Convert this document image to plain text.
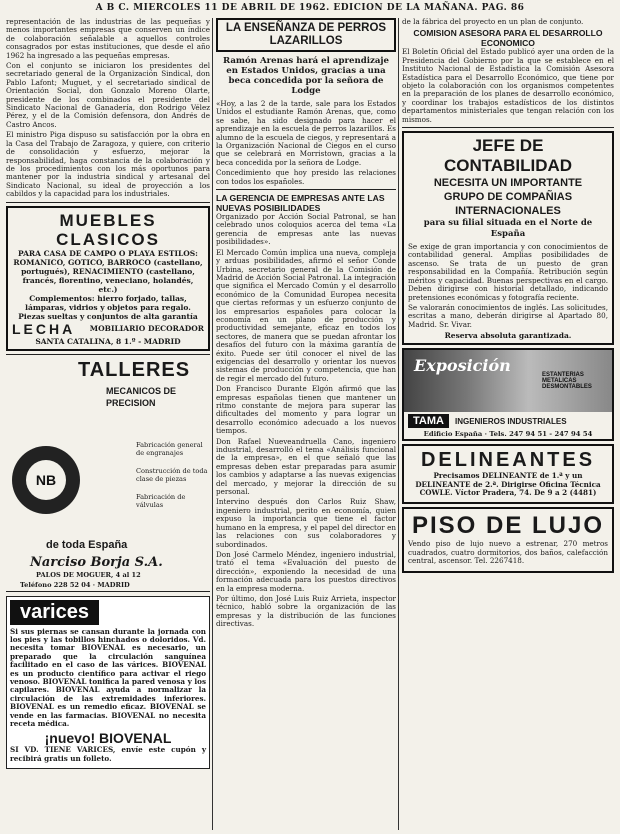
A B C. MIERCOLES 11 DE ABRIL DE 1962. EDICION DE LA MAÑANA. PAG. 86

representación de las industrias de las pequeñas y menos importantes empresas que conserven un índice de colaboración señalable a aquellos controles consagrados por estas instituciones, que desde el año 1962 ha ingresado a las pequeñas empresas.

Con el conjunto se iniciaron los presidentes del secretariado general de la Organización Sindical, don Pablo Lafont; Muguet, y el secretariado sindical de Orientación Social, don Gonzalo Moreno Olarte, presidente de los combinados el presidente del Sindicato Nacional de Ganadería, don Rodrigo Vélez Pérez, y el de la Comisión defensora, don Andrés de Castro Ancos.

El ministro Piga dispuso su satisfacción por la obra en la Casa del Trabajo de Zaragoza, y quiere, con criterio de consolidación y esfuerzo, mejorar la responsabilidad, haga constancia de la colaboración y de los procedimientos con los más oportunos para mantener por la industria sindical y artesanal del Sindicato Nacional, su ideal de proyección a los cabildos y la capacidad para los industriales.

MUEBLES CLASICOS
PARA CASA DE CAMPO O PLAYA ESTILOS: ROMANICO, GOTICO, BARROCO (castellano, portugués), RENACIMIENTO (castellano, francés, florentino, veneciano, holandés, etc.)
Complementos: hierro forjado, tallas, lámparas, vidrios y objetos para regalo.
Piezas sueltas y conjuntos de alta garantía
LECHA MOBILIARIO DECORADOR
SANTA CATALINA, 8 1.º - MADRID
NB
TALLERES
MECANICOS DE PRECISION
Fabricación general de engranajes
Construcción de toda clase de piezas
Fabricación de válvulas
de toda España
Narciso Borja S.A.
PALOS DE MOGUER, 4 al 12
Teléfono 228 52 04 · MADRID
varices

Si sus piernas se cansan durante la jornada con los pies y las tobillos hinchados o doloridos. Vd. necesita tomar BIOVENAL es necesario, un preparado que la circulación sanguínea facilitado en el caso de las várices. BIOVENAL es un producto científico para activar el riego venoso. BIOVENAL tonifica la pared venosa y los capilares. BIOVENAL ayuda a normalizar la circulación de las extremidades inferiores. BIOVENAL es un remedio eficaz. BIOVENAL se vende en las farmacias. BIOVENAL no necesita receta médica.

¡nuevo! BIOVENAL

SI VD. TIENE VARICES, envíe este cupón y recibirá gratis un folleto.

LA ENSEÑANZA DE PERROS LAZARILLOS
Ramón Arenas hará el aprendizaje en Estados Unidos, gracias a una beca concedida por la señora de Lodge

«Hoy, a las 2 de la tarde, sale para los Estados Unidos el estudiante Ramón Arenas, que, como se sabe, ha sido designado para hacer el aprendizaje en la escuela de perros lazarillos. Es alumno de la escuela de ciegos, y representará a la Organización Nacional de Ciegos en el curso que se celebrará en Morristown, gracias a la beca concedida por la señora de Lodge.

Concedimiento que hoy presido las relaciones con todos los españoles.

LA GERENCIA DE EMPRESAS ANTE LAS NUEVAS POSIBILIDADES

Organizado por Acción Social Patronal, se han celebrado unos coloquios acerca del tema «La gerencia de empresas ante las nuevas posibilidades».

El Mercado Común implica una nueva, compleja y arduas posibilidades, afirmó el señor Conde Urbina, secretario general de la Comisión de Madrid de Acción Social Patronal. La integración que significa el Mercado Común y el desarrollo económico de la Comunidad Europea necesita que ciertas reformas y un esfuerzo conjunto de los empresarios españoles para colocar la economía en un plano de producción y productividad semejante, eficaz en todos los sectores, de manera que se puedan afrontar los desafíos del futuro con la máxima garantía de éxito. Puede ser útil conocer el nivel de las exigencias del desarrollo y orientar los nuevos sistemas de producción y competencia, que han de regir el mercado del futuro.

Don Francisco Durante Elgón afirmó que las empresas españolas tienen que mantener un ritmo constante de mejora para superar las dificultades del momento y para lograr un desarrollo económico adecuado a los nuevos tiempos.

Don Rafael Nueveandruella Cano, ingeniero industrial, desarrolló el tema «Análisis funcional de la empresa», en el que señaló que las empresas deben estar preparadas para asumir los cambios y adaptarse a las nuevas exigencias del mercado, y mejorar la dirección de su personal.

Intervino después don Carlos Ruiz Shaw, ingeniero industrial, perito en economía, quien expuso la importancia que tiene el factor humano en la empresa, y el papel del director en las relaciones con sus colaboradores y subordinados.

Don José Carmelo Méndez, ingeniero industrial, trató el tema «Evaluación del puesto de dirección», exponiendo la necesidad de una formación adecuada para los puestos directivos en la empresa moderna.

Por último, don José Luis Ruiz Arrieta, inspector técnico, habló sobre la organización de las empresas y la distribución de las funciones directivas.

de la fábrica del proyecto en un plan de conjunto.

COMISION ASESORA PARA EL DESARROLLO ECONOMICO

El Boletín Oficial del Estado publicó ayer una orden de la Presidencia del Gobierno por la que se establece en el Instituto Nacional de Estadística la Comisión Asesora Estadística para el Desarrollo Económico, que tiene por objeto la colaboración con los organismos competentes en la preparación de los planes de desarrollo económico, y coordinar los trabajos estadísticos de los distintos departamentos ministeriales que tengan relación con los mismos.

JEFE DE CONTABILIDAD
NECESITA UN IMPORTANTE
GRUPO DE COMPAÑIAS INTERNACIONALES
para su filial situada en el Norte de España

Se exige de gran importancia y con conocimientos de contabilidad general. Amplias posibilidades de ascenso. Se trata de un puesto de gran responsabilidad en la Compañía. Retribución según méritos y capacidad. Buenas perspectivas en el cargo. Deben dirigirse con historial detallado, indicando pretensiones económicas y fotografía reciente.

Se valorarán conocimientos de inglés. Las solicitudes, escritas a mano, deberán dirigirse al Apartado 80, Madrid. Sr. Vivar.

Reserva absoluta garantizada.
Exposición	ESTANTERIAS METALICAS DESMONTABLES
TAMA	INGENIEROS INDUSTRIALES
Edificio España · Tels. 247 94 51 - 247 94 54
DELINEANTES

Precisamos DELINEANTE de 1.ª y un DELINEANTE de 2.ª. Dirigirse Oficina Técnica COWLE. Víctor Pradera, 74. De 9 a 2 (4481)

PISO DE LUJO

Vendo piso de lujo nuevo a estrenar, 270 metros cuadrados, cuatro dormitorios, dos baños, calefacción central, ascensor. Tel. 2267418.
